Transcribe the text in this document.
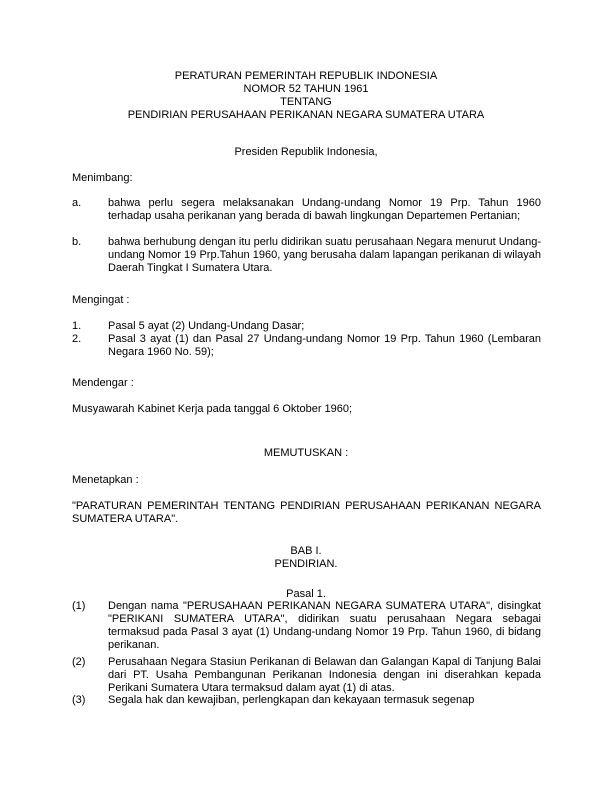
PERATURAN PEMERINTAH REPUBLIK INDONESIA
NOMOR 52 TAHUN 1961
TENTANG
PENDIRIAN PERUSAHAAN PERIKANAN NEGARA SUMATERA UTARA
Presiden Republik Indonesia,
Menimbang:
a. bahwa perlu segera melaksanakan Undang-undang Nomor 19 Prp. Tahun 1960 terhadap usaha perikanan yang berada di bawah lingkungan Departemen Pertanian;
b. bahwa berhubung dengan itu perlu didirikan suatu perusahaan Negara menurut Undang-undang Nomor 19 Prp.Tahun 1960, yang berusaha dalam lapangan perikanan di wilayah Daerah Tingkat I Sumatera Utara.
Mengingat :
1. Pasal 5 ayat (2) Undang-Undang Dasar;
2. Pasal 3 ayat (1) dan Pasal 27 Undang-undang Nomor 19 Prp. Tahun 1960 (Lembaran Negara 1960 No. 59);
Mendengar :
Musyawarah Kabinet Kerja pada tanggal 6 Oktober 1960;
MEMUTUSKAN :
Menetapkan :
"PARATURAN PEMERINTAH TENTANG PENDIRIAN PERUSAHAAN PERIKANAN NEGARA SUMATERA UTARA".
BAB I.
PENDIRIAN.
Pasal 1.
(1) Dengan nama "PERUSAHAAN PERIKANAN NEGARA SUMATERA UTARA", disingkat "PERIKANI SUMATERA UTARA", didirikan suatu perusahaan Negara sebagai termaksud pada Pasal 3 ayat (1) Undang-undang Nomor 19 Prp. Tahun 1960, di bidang perikanan.
(2) Perusahaan Negara Stasiun Perikanan di Belawan dan Galangan Kapal di Tanjung Balai dari PT. Usaha Pembangunan Perikanan Indonesia dengan ini diserahkan kepada Perikani Sumatera Utara termaksud dalam ayat (1) di atas.
(3) Segala hak dan kewajiban, perlengkapan dan kekayaan termasuk segenap
